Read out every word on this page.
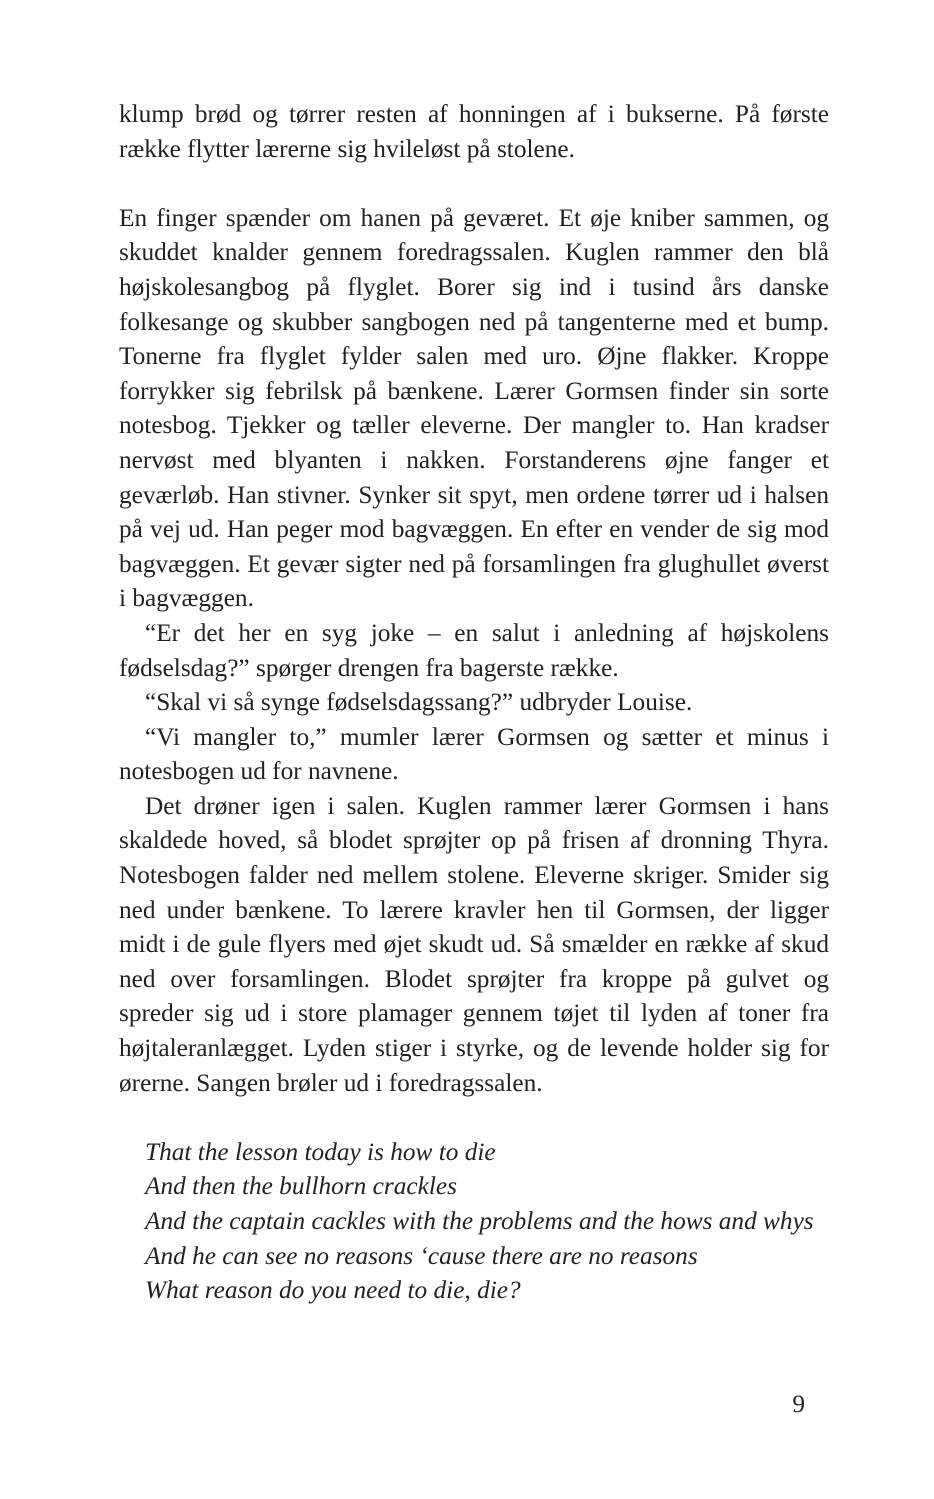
klump brød og tørrer resten af honningen af i bukserne. På første række flytter lærerne sig hvileløst på stolene.

En finger spænder om hanen på geværet. Et øje kniber sammen, og skuddet knalder gennem foredragssalen. Kuglen rammer den blå højskolesangbog på flyglet. Borer sig ind i tusind års danske folkesange og skubber sangbogen ned på tangenterne med et bump. Tonerne fra flyglet fylder salen med uro. Øjne flakker. Kroppe forrykker sig febrilsk på bænkene. Lærer Gormsen finder sin sorte notesbog. Tjekker og tæller eleverne. Der mangler to. Han kradser nervøst med blyanten i nakken. Forstanderens øjne fanger et geværløb. Han stivner. Synker sit spyt, men ordene tørrer ud i halsen på vej ud. Han peger mod bagvæggen. En efter en vender de sig mod bagvæggen. Et gevær sigter ned på forsamlingen fra glughullet øverst i bagvæggen.

“Er det her en syg joke – en salut i anledning af højskolens fødselsdag?” spørger drengen fra bagerste række.

“Skal vi så synge fødselsdagssang?” udbryder Louise.

“Vi mangler to,” mumler lærer Gormsen og sætter et minus i notesbogen ud for navnene.

Det drøner igen i salen. Kuglen rammer lærer Gormsen i hans skaldede hoved, så blodet sprøjter op på frisen af dronning Thyra. Notesbogen falder ned mellem stolene. Eleverne skriger. Smider sig ned under bænkene. To lærere kravler hen til Gormsen, der ligger midt i de gule flyers med øjet skudt ud. Så smælder en række af skud ned over forsamlingen. Blodet sprøjter fra kroppe på gulvet og spreder sig ud i store plamager gennem tøjet til lyden af toner fra højtaleranlægget. Lyden stiger i styrke, og de levende holder sig for ørerne. Sangen brøler ud i foredragssalen.

That the lesson today is how to die
And then the bullhorn crackles
And the captain cackles with the problems and the hows and whys
And he can see no reasons ‘cause there are no reasons
What reason do you need to die, die?

9
